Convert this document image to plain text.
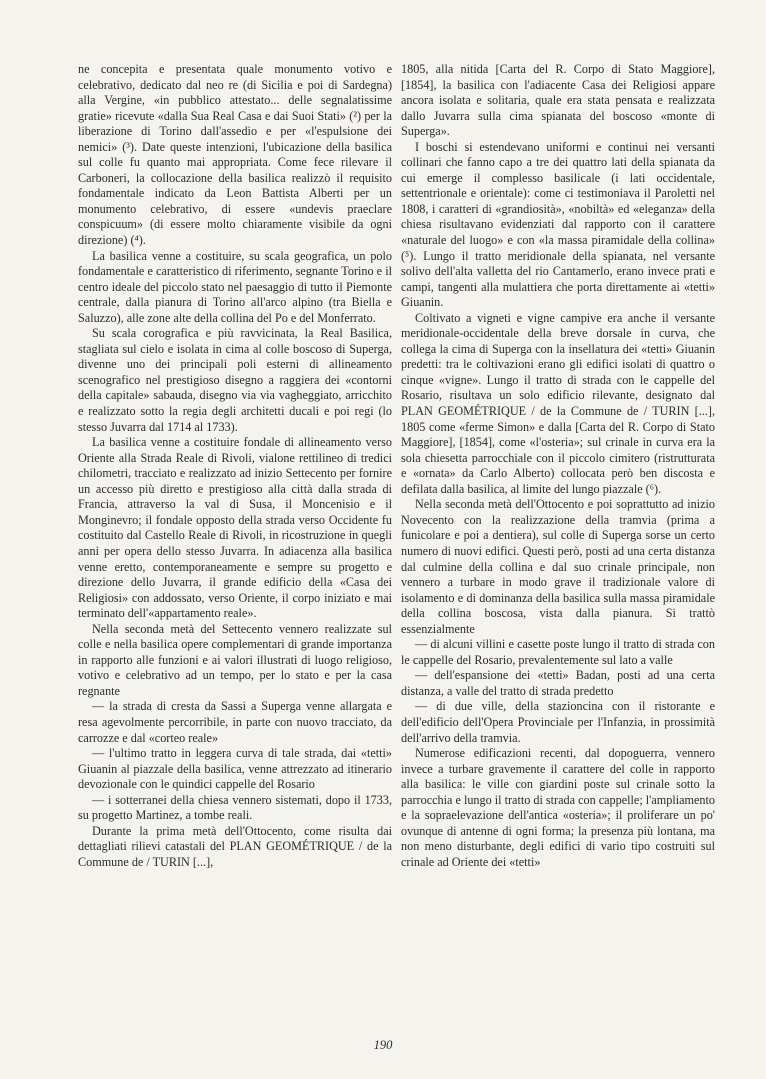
ne concepita e presentata quale monumento votivo e celebrativo, dedicato dal neo re (di Sicilia e poi di Sardegna) alla Vergine, «in pubblico attestato... delle segnalatissime gratie» ricevute «dalla Sua Real Casa e dai Suoi Stati» (²) per la liberazione di Torino dall'assedio e per «l'espulsione dei nemici» (³). Date queste intenzioni, l'ubicazione della basilica sul colle fu quanto mai appropriata. Come fece rilevare il Carboneri, la collocazione della basilica realizzò il requisito fondamentale indicato da Leon Battista Alberti per un monumento celebrativo, di essere «undevis praeclare conspicuum» (di essere molto chiaramente visibile da ogni direzione) (⁴).

La basilica venne a costituire, su scala geografica, un polo fondamentale e caratteristico di riferimento, segnante Torino e il centro ideale del piccolo stato nel paesaggio di tutto il Piemonte centrale, dalla pianura di Torino all'arco alpino (tra Biella e Saluzzo), alle zone alte della collina del Po e del Monferrato.

Su scala corografica e più ravvicinata, la Real Basilica, stagliata sul cielo e isolata in cima al colle boscoso di Superga, divenne uno dei principali poli esterni di allineamento scenografico nel prestigioso disegno a raggiera dei «contorni della capitale» sabauda, disegno via via vagheggiato, arricchito e realizzato sotto la regia degli architetti ducali e poi regi (lo stesso Juvarra dal 1714 al 1733).

La basilica venne a costituire fondale di allineamento verso Oriente alla Strada Reale di Rivoli, vialone rettilineo di tredici chilometri, tracciato e realizzato ad inizio Settecento per fornire un accesso più diretto e prestigioso alla città dalla strada di Francia, attraverso la val di Susa, il Moncenisio e il Monginevro; il fondale opposto della strada verso Occidente fu costituito dal Castello Reale di Rivoli, in ricostruzione in quegli anni per opera dello stesso Juvarra. In adiacenza alla basilica venne eretto, contemporaneamente e sempre su progetto e direzione dello Juvarra, il grande edificio della «Casa dei Religiosi» con addossato, verso Oriente, il corpo iniziato e mai terminato dell'«appartamento reale».

Nella seconda metà del Settecento vennero realizzate sul colle e nella basilica opere complementari di grande importanza in rapporto alle funzioni e ai valori illustrati di luogo religioso, votivo e celebrativo ad un tempo, per lo stato e per la casa regnante

— la strada di cresta da Sassi a Superga venne allargata e resa agevolmente percorribile, in parte con nuovo tracciato, da carrozze e dal «corteo reale»

— l'ultimo tratto in leggera curva di tale strada, dai «tetti» Giuanin al piazzale della basilica, venne attrezzato ad itinerario devozionale con le quindici cappelle del Rosario

— i sotterranei della chiesa vennero sistemati, dopo il 1733, su progetto Martinez, a tombe reali.

Durante la prima metà dell'Ottocento, come risulta dai dettagliati rilievi catastali del PLAN GEOMÉTRIQUE / de la Commune de / TURIN [...],

1805, alla nitida [Carta del R. Corpo di Stato Maggiore], [1854], la basilica con l'adiacente Casa dei Religiosi appare ancora isolata e solitaria, quale era stata pensata e realizzata dallo Juvarra sulla cima spianata del boscoso «monte di Superga».

I boschi si estendevano uniformi e continui nei versanti collinari che fanno capo a tre dei quattro lati della spianata da cui emerge il complesso basilicale (i lati occidentale, settentrionale e orientale): come ci testimoniava il Paroletti nel 1808, i caratteri di «grandiosità», «nobiltà» ed «eleganza» della chiesa risultavano evidenziati dal rapporto con il carattere «naturale del luogo» e con «la massa piramidale della collina» (⁵). Lungo il tratto meridionale della spianata, nel versante solivo dell'alta valletta del rio Cantamerlo, erano invece prati e campi, tangenti alla mulattiera che porta direttamente ai «tetti» Giuanin.

Coltivato a vigneti e vigne campive era anche il versante meridionale-occidentale della breve dorsale in curva, che collega la cima di Superga con la insellatura dei «tetti» Giuanin predetti: tra le coltivazioni erano gli edifici isolati di quattro o cinque «vigne». Lungo il tratto di strada con le cappelle del Rosario, risultava un solo edificio rilevante, designato dal PLAN GEOMÉTRIQUE / de la Commune de / TURIN [...], 1805 come «ferme Simon» e dalla [Carta del R. Corpo di Stato Maggiore], [1854], come «l'osteria»; sul crinale in curva era la sola chiesetta parrocchiale con il piccolo cimitero (ristrutturata e «ornata» da Carlo Alberto) collocata però ben discosta e defilata dalla basilica, al limite del lungo piazzale (⁶).

Nella seconda metà dell'Ottocento e poi soprattutto ad inizio Novecento con la realizzazione della tramvia (prima a funicolare e poi a dentiera), sul colle di Superga sorse un certo numero di nuovi edifici. Questi però, posti ad una certa distanza dal culmine della collina e dal suo crinale principale, non vennero a turbare in modo grave il tradizionale valore di isolamento e di dominanza della basilica sulla massa piramidale della collina boscosa, vista dalla pianura. Si trattò essenzialmente

— di alcuni villini e casette poste lungo il tratto di strada con le cappelle del Rosario, prevalentemente sul lato a valle

— dell'espansione dei «tetti» Badan, posti ad una certa distanza, a valle del tratto di strada predetto

— di due ville, della stazioncina con il ristorante e dell'edificio dell'Opera Provinciale per l'Infanzia, in prossimità dell'arrivo della tramvia.

Numerose edificazioni recenti, dal dopoguerra, vennero invece a turbare gravemente il carattere del colle in rapporto alla basilica: le ville con giardini poste sul crinale sotto la parrocchia e lungo il tratto di strada con cappelle; l'ampliamento e la sopraelevazione dell'antica «osteria»; il proliferare un po' ovunque di antenne di ogni forma; la presenza più lontana, ma non meno disturbante, degli edifici di vario tipo costruiti sul crinale ad Oriente dei «tetti»

190
